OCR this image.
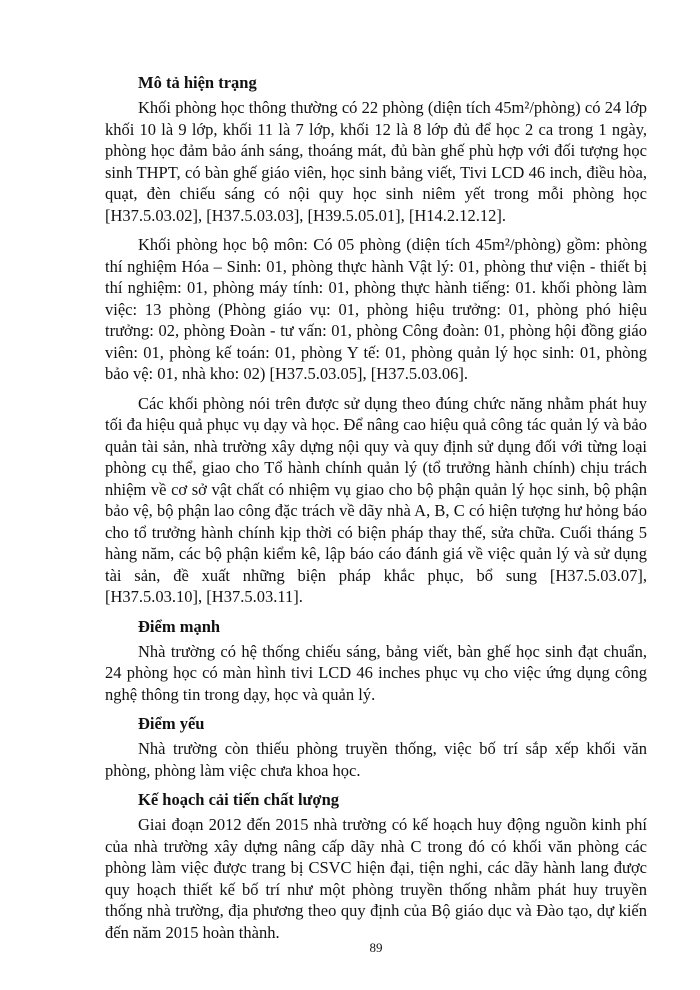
Mô tả hiện trạng

Khối phòng học thông thường có 22 phòng (diện tích 45m²/phòng) có 24 lớp khối 10 là 9 lớp, khối 11 là 7 lớp, khối 12 là 8 lớp đủ để học 2 ca trong 1 ngày, phòng học đảm bảo ánh sáng, thoáng mát, đủ bàn ghế phù hợp với đối tượng học sinh THPT, có bàn ghế giáo viên, học sinh bảng viết, Tivi LCD 46 inch, điều hòa, quạt, đèn chiếu sáng có nội quy học sinh niêm yết trong mỗi phòng học [H37.5.03.02], [H37.5.03.03], [H39.5.05.01], [H14.2.12.12].

Khối phòng học bộ môn: Có 05 phòng (diện tích 45m²/phòng) gồm: phòng thí nghiệm Hóa – Sinh: 01, phòng thực hành Vật lý: 01, phòng thư viện - thiết bị thí nghiệm: 01, phòng máy tính: 01, phòng thực hành tiếng: 01. khối phòng làm việc: 13 phòng (Phòng giáo vụ: 01, phòng hiệu trưởng: 01, phòng phó hiệu trưởng: 02, phòng Đoàn - tư vấn: 01, phòng Công đoàn: 01, phòng hội đồng giáo viên: 01, phòng kế toán: 01, phòng Y tế: 01, phòng quản lý học sinh: 01, phòng bảo vệ: 01, nhà kho: 02) [H37.5.03.05], [H37.5.03.06].

Các khối phòng nói trên được sử dụng theo đúng chức năng nhằm phát huy tối đa hiệu quả phục vụ dạy và học. Để nâng cao hiệu quả công tác quản lý và bảo quản tài sản, nhà trường xây dựng nội quy và quy định sử dụng đối với từng loại phòng cụ thể, giao cho Tổ hành chính quản lý (tổ trưởng hành chính) chịu trách nhiệm về cơ sở vật chất có nhiệm vụ giao cho bộ phận quản lý học sinh, bộ phận bảo vệ, bộ phận lao công đặc trách về dãy nhà A, B, C có hiện tượng hư hỏng báo cho tổ trưởng hành chính kịp thời có biện pháp thay thế, sửa chữa. Cuối tháng 5 hàng năm, các bộ phận kiểm kê, lập báo cáo đánh giá về việc quản lý và sử dụng tài sản, đề xuất những biện pháp khắc phục, bổ sung [H37.5.03.07], [H37.5.03.10], [H37.5.03.11].

Điểm mạnh

Nhà trường có hệ thống chiếu sáng, bảng viết, bàn ghế học sinh đạt chuẩn, 24 phòng học có màn hình tivi LCD 46 inches phục vụ cho việc ứng dụng công nghệ thông tin trong dạy, học và quản lý.

Điểm yếu

Nhà trường còn thiếu phòng truyền thống, việc bố trí sắp xếp khối văn phòng, phòng làm việc chưa khoa học.

Kế hoạch cải tiến chất lượng

Giai đoạn 2012 đến 2015 nhà trường có kế hoạch huy động nguồn kinh phí của nhà trường xây dựng nâng cấp dãy nhà C trong đó có khối văn phòng các phòng làm việc được trang bị CSVC hiện đại, tiện nghi, các dãy hành lang được quy hoạch thiết kế bố trí như một phòng truyền thống nhằm phát huy truyền thống nhà trường, địa phương theo quy định của Bộ giáo dục và Đào tạo, dự kiến đến năm 2015 hoàn thành.

89
